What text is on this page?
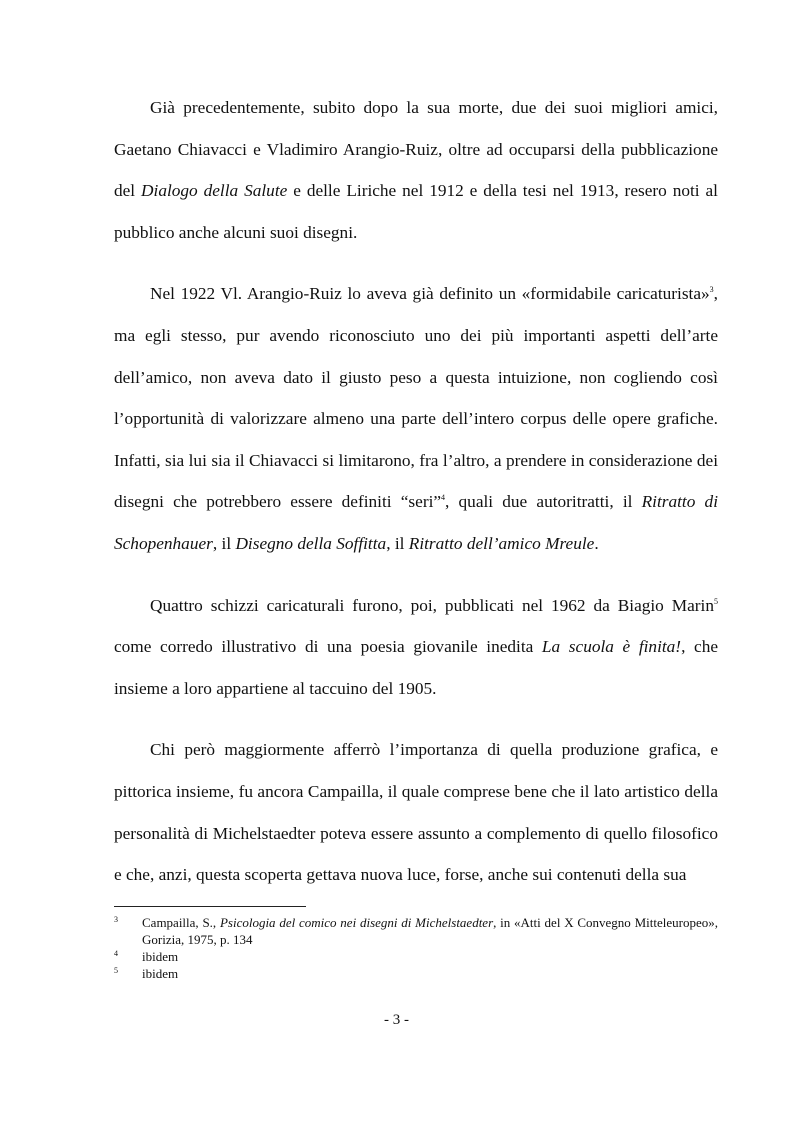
Già precedentemente, subito dopo la sua morte, due dei suoi migliori amici, Gaetano Chiavacci e Vladimiro Arangio-Ruiz, oltre ad occuparsi della pubblicazione del Dialogo della Salute e delle Liriche nel 1912 e della tesi nel 1913, resero noti al pubblico anche alcuni suoi disegni.

Nel 1922 Vl. Arangio-Ruiz lo aveva già definito un «formidabile caricaturista»$^3$, ma egli stesso, pur avendo riconosciuto uno dei più importanti aspetti dell’arte dell’amico, non aveva dato il giusto peso a questa intuizione, non cogliendo così l’opportunità di valorizzare almeno una parte dell’intero corpus delle opere grafiche. Infatti, sia lui sia il Chiavacci si limitarono, fra l’altro, a prendere in considerazione dei disegni che potrebbero essere definiti “seri”$^4$, quali due autoritratti, il Ritratto di Schopenhauer, il Disegno della Soffitta, il Ritratto dell’amico Mreule.

Quattro schizzi caricaturali furono, poi, pubblicati nel 1962 da Biagio Marin$^5$ come corredo illustrativo di una poesia giovanile inedita La scuola è finita!, che insieme a loro appartiene al taccuino del 1905.

Chi però maggiormente afferrò l’importanza di quella produzione grafica, e pittorica insieme, fu ancora Campailla, il quale comprese bene che il lato artistico della personalità di Michelstaedter poteva essere assunto a complemento di quello filosofico e che, anzi, questa scoperta gettava nuova luce, forse, anche sui contenuti della sua

3	Campailla, S., Psicologia del comico nei disegni di Michelstaedter, in «Atti del X Convegno Mitteleuropeo», Gorizia, 1975, p. 134
4	ibidem
5	ibidem
- 3 -
